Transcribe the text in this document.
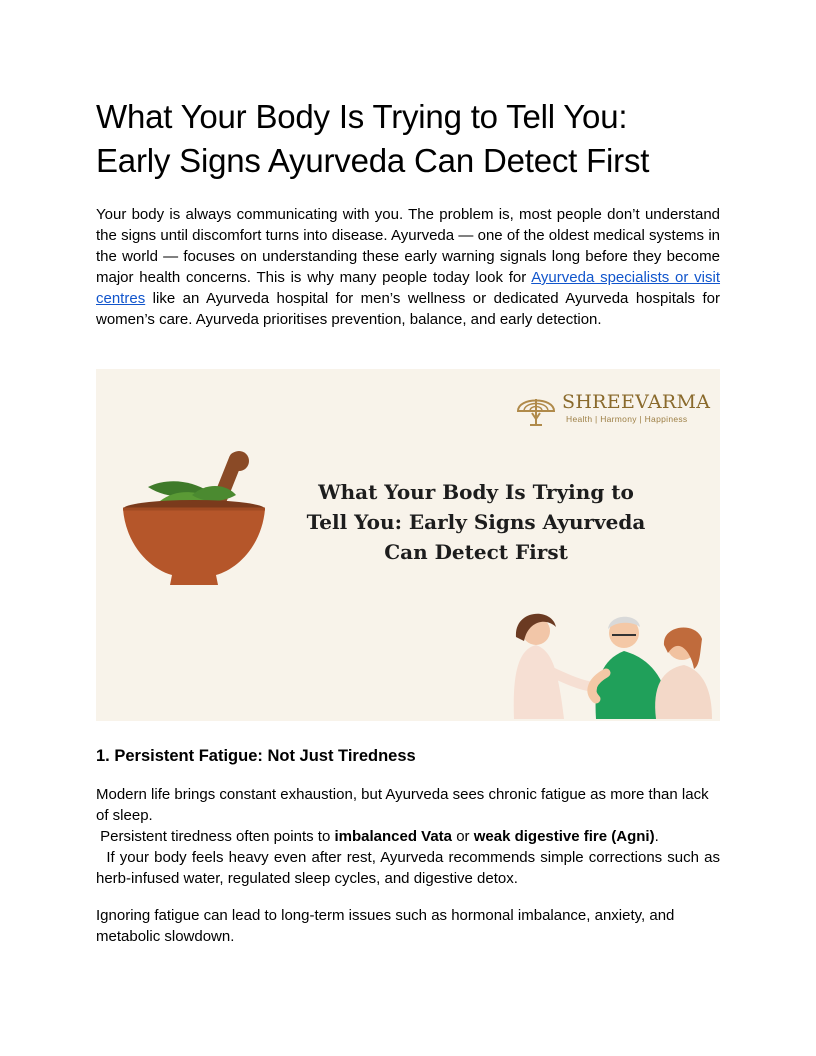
What Your Body Is Trying to Tell You:
Early Signs Ayurveda Can Detect First

Your body is always communicating with you. The problem is, most people don’t understand the signs until discomfort turns into disease. Ayurveda — one of the oldest medical systems in the world — focuses on understanding these early warning signals long before they become major health concerns. This is why many people today look for Ayurveda specialists or visit centres like an Ayurveda hospital for men’s wellness or dedicated Ayurveda hospitals for women’s care. Ayurveda prioritises prevention, balance, and early detection.

SHREEVARMA
Health | Harmony | Happiness
What Your Body Is Trying to
Tell You: Early Signs Ayurveda
Can Detect First
1. Persistent Fatigue: Not Just Tiredness

Modern life brings constant exhaustion, but Ayurveda sees chronic fatigue as more than lack of sleep.

Persistent tiredness often points to imbalanced Vata or weak digestive fire (Agni).

If your body feels heavy even after rest, Ayurveda recommends simple corrections such as herb-infused water, regulated sleep cycles, and digestive detox.

Ignoring fatigue can lead to long-term issues such as hormonal imbalance, anxiety, and metabolic slowdown.
